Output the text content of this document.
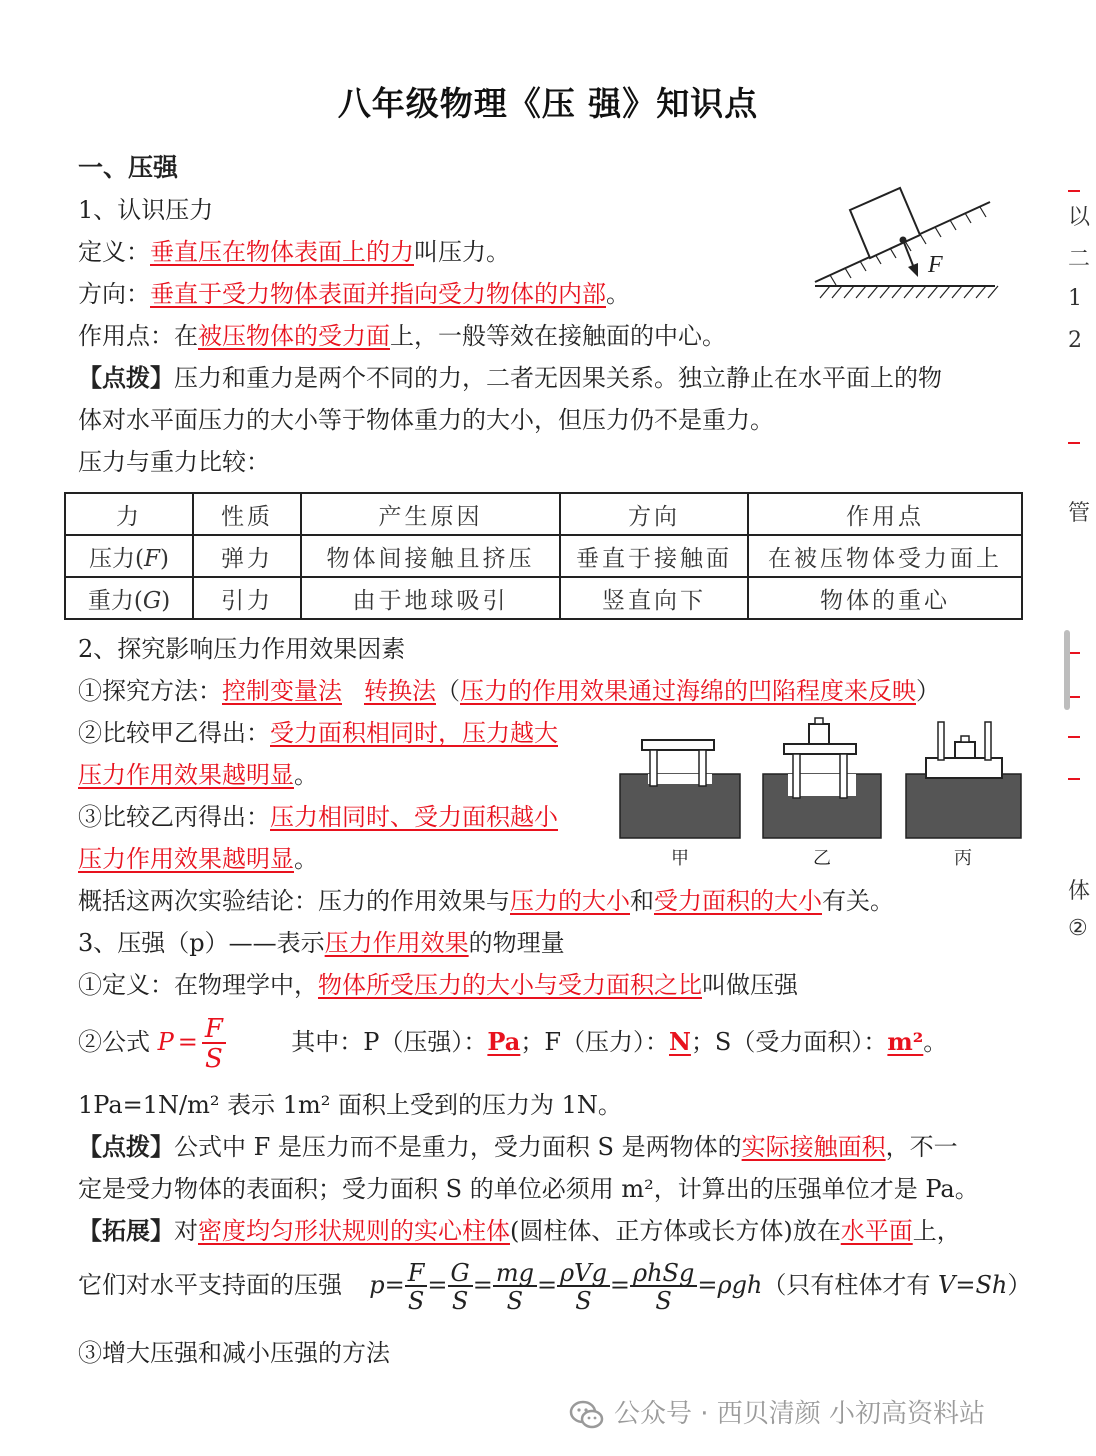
八年级物理《压 强》知识点
一、压强
1、认识压力
定义：垂直压在物体表面上的力叫压力。
方向：垂直于受力物体表面并指向受力物体的内部。
作用点：在被压物体的受力面上，一般等效在接触面的中心。
【点拨】压力和重力是两个不同的力，二者无因果关系。独立静止在水平面上的物
体对水平面压力的大小等于物体重力的大小，但压力仍不是重力。
压力与重力比较：
F
力	性质	产生原因	方向	作用点
压力(F)	弹力	物体间接触且挤压	垂直于接触面	在被压物体受力面上
重力(G)	引力	由于地球吸引	竖直向下	物体的重心
2、探究影响压力作用效果因素
①探究方法：控制变量法 转换法（压力的作用效果通过海绵的凹陷程度来反映）
②比较甲乙得出：受力面积相同时，压力越大
压力作用效果越明显。
③比较乙丙得出：压力相同时、受力面积越小
压力作用效果越明显。	甲	乙	丙
概括这两次实验结论：压力的作用效果与压力的大小和受力面积的大小有关。
3、压强（p）——表示压力作用效果的物理量
①定义：在物理学中，物体所受压力的大小与受力面积之比叫做压强
②公式 $P = \frac{F}{S}$	其中：P（压强）：Pa；F（压力）：N；S（受力面积）：m²。
1Pa=1N/m² 表示 1m² 面积上受到的压力为 1N。
【点拨】公式中 F 是压力而不是重力，受力面积 S 是两物体的实际接触面积，不一
定是受力物体的表面积；受力面积 S 的单位必须用 m²，计算出的压强单位才是 Pa。
【拓展】对密度均匀形状规则的实心柱体(圆柱体、正方体或长方体)放在水平面上，
它们对水平支持面的压强 $p= \frac{F}{S} = \frac{G}{S} = \frac{mg}{S} = \frac{\text{ρVg}}{S} = \frac{\text{ρhSg}}{S} =\rho gh$（只有柱体才有 V=Sh）
③增大压强和减小压强的方法
以
二
1
2
管
体
②
公众号 · 西贝清颜 小初高资料站
